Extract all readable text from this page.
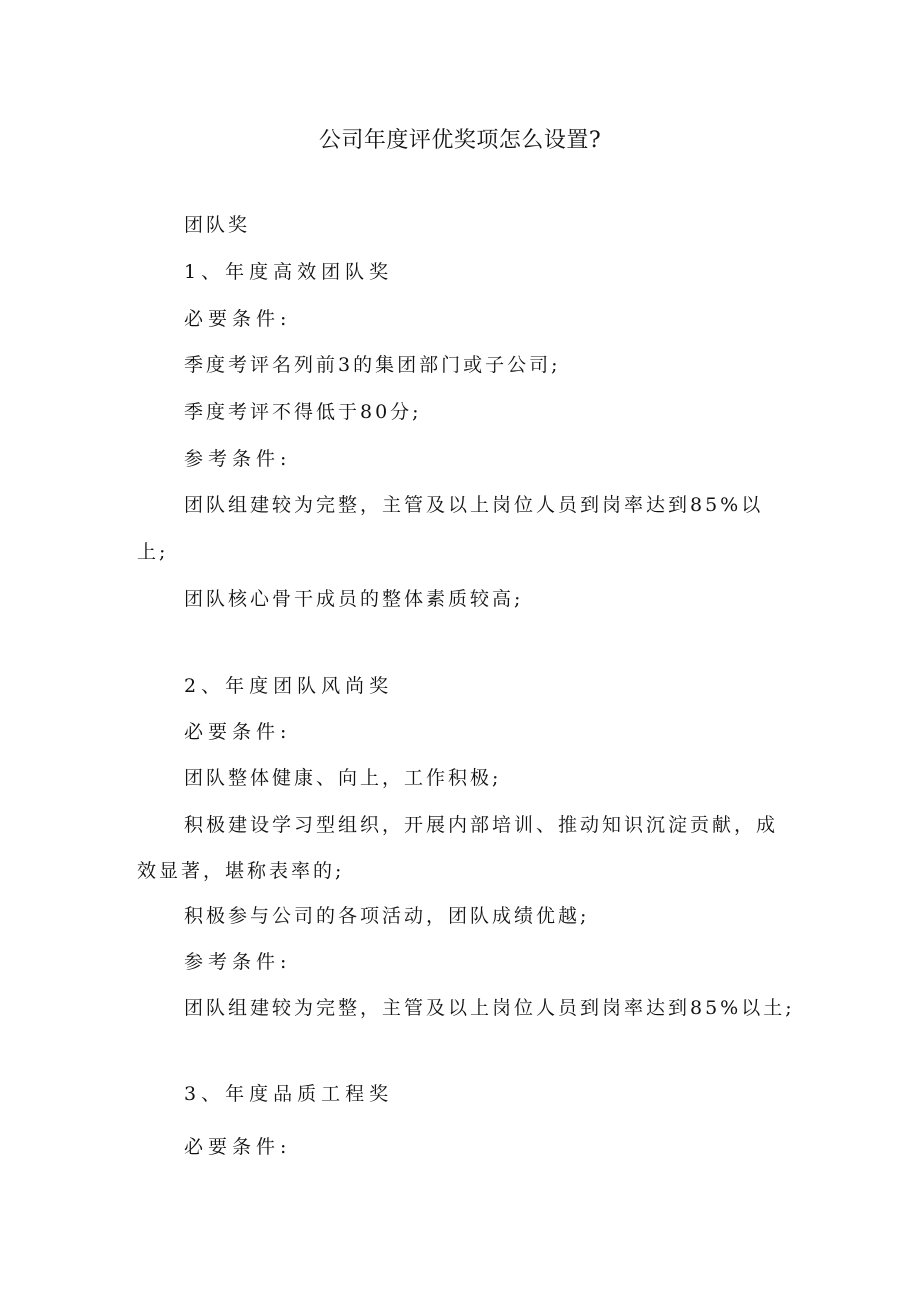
公司年度评优奖项怎么设置?
团队奖
1、年度高效团队奖
必要条件:
季度考评名列前3的集团部门或子公司;
季度考评不得低于80分;
参考条件:
团队组建较为完整，主管及以上岗位人员到岗率达到85%以
上;
团队核心骨干成员的整体素质较高;
2、年度团队风尚奖
必要条件:
团队整体健康、向上，工作积极;
积极建设学习型组织，开展内部培训、推动知识沉淀贡献，成
效显著，堪称表率的;
积极参与公司的各项活动，团队成绩优越;
参考条件:
团队组建较为完整，主管及以上岗位人员到岗率达到85%以土;
3、年度品质工程奖
必要条件:
